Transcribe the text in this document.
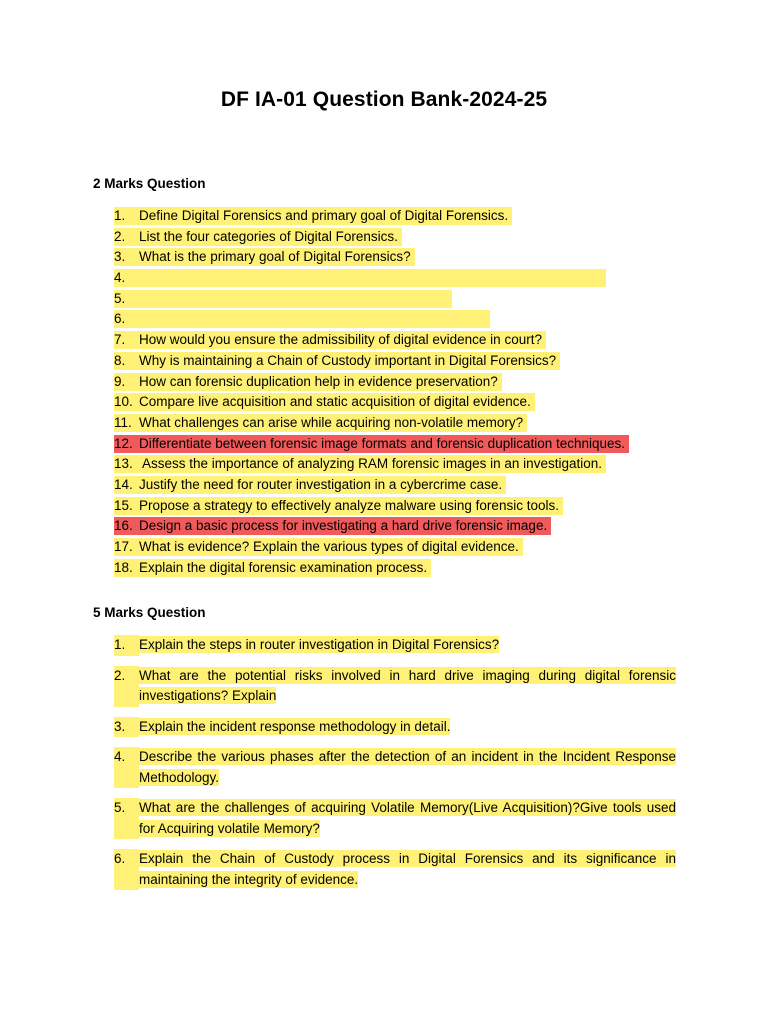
DF IA-01 Question Bank-2024-25
2 Marks Question
1. Define Digital Forensics and primary goal of Digital Forensics.
2. List the four categories of Digital Forensics.
3. What is the primary goal of Digital Forensics?
4.
5.
6.
7. How would you ensure the admissibility of digital evidence in court?
8. Why is maintaining a Chain of Custody important in Digital Forensics?
9. How can forensic duplication help in evidence preservation?
10. Compare live acquisition and static acquisition of digital evidence.
11. What challenges can arise while acquiring non-volatile memory?
12. Differentiate between forensic image formats and forensic duplication techniques.
13. Assess the importance of analyzing RAM forensic images in an investigation.
14. Justify the need for router investigation in a cybercrime case.
15. Propose a strategy to effectively analyze malware using forensic tools.
16. Design a basic process for investigating a hard drive forensic image.
17. What is evidence? Explain the various types of digital evidence.
18. Explain the digital forensic examination process.
5 Marks Question
1.	Explain the steps in router investigation in Digital Forensics?
2.	What are the potential risks involved in hard drive imaging during digital forensic investigations? Explain
3.	Explain the incident response methodology in detail.
4.	Describe the various phases after the detection of an incident in the Incident Response Methodology.
5.	What are the challenges of acquiring Volatile Memory(Live Acquisition)?Give tools used for Acquiring volatile Memory?
6.	Explain the Chain of Custody process in Digital Forensics and its significance in maintaining the integrity of evidence.
